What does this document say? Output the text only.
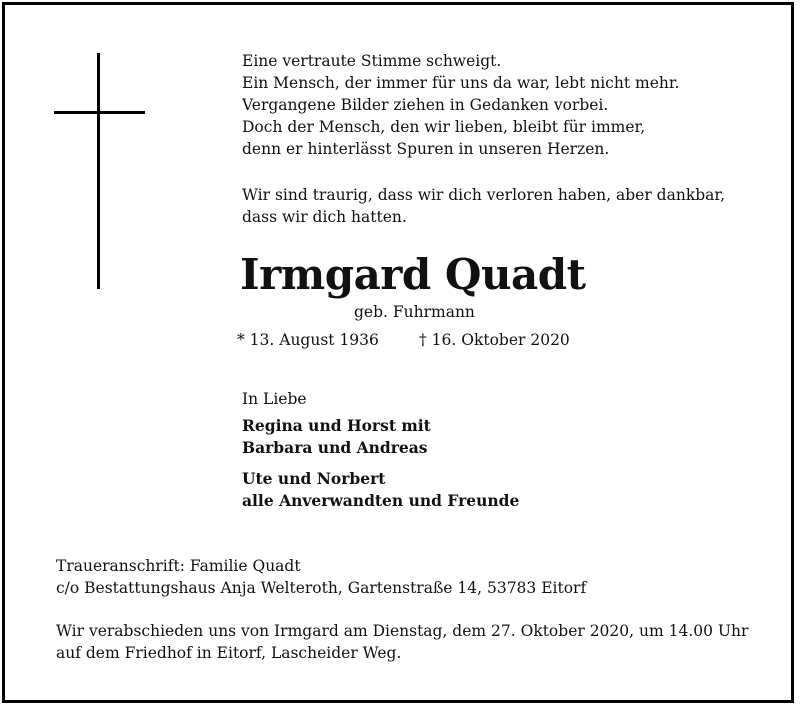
Eine vertraute Stimme schweigt.
Ein Mensch, der immer für uns da war, lebt nicht mehr.
Vergangene Bilder ziehen in Gedanken vorbei.
Doch der Mensch, den wir lieben, bleibt für immer,
denn er hinterlässt Spuren in unseren Herzen.
Wir sind traurig, dass wir dich verloren haben, aber dankbar,
dass wir dich hatten.
Irmgard Quadt

geb. Fuhrmann

* 13. August 1936	† 16. Oktober 2020

In Liebe

Regina und Horst mit
Barbara und Andreas
Ute und Norbert
alle Anverwandten und Freunde
Traueranschrift: Familie Quadt
c/o Bestattungshaus Anja Welteroth, Gartenstraße 14, 53783 Eitorf
Wir verabschieden uns von Irmgard am Dienstag, dem 27. Oktober 2020, um 14.00 Uhr
auf dem Friedhof in Eitorf, Lascheider Weg.
